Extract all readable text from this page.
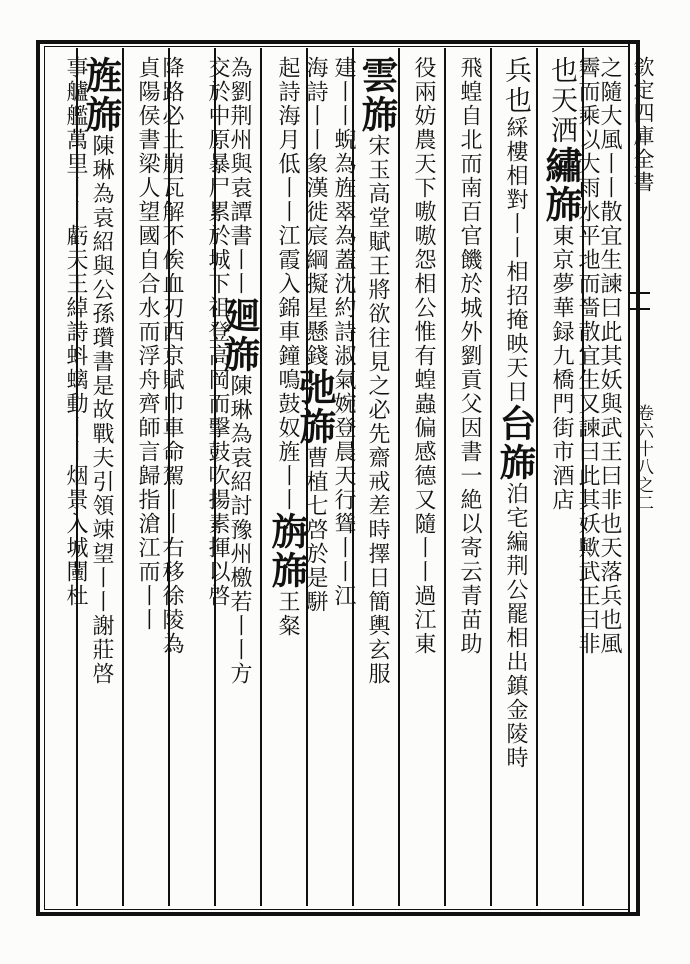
欽定四庫全書
卷六十八之二
之隨大風丨丨散宜生諫曰此其妖與武王曰非也天落兵也風
霽而乘以大雨水平地而嗇散宜生又諫曰此其妖歟武王曰非
也天洒繡旆東京夢華録九橋門街市酒店
兵也綵樓相對丨丨相招掩映天日台旆泊宅編荆公罷相出鎮金陵時
飛蝗自北而南百官饑於城外劉貢父因書一絶以寄云青苗助
役兩妨農天下嗷嗷怨相公惟有蝗蟲偏感德又隨丨丨過江東
雲旆宋玉高堂賦王將欲往見之必先齋戒差時擇日簡輿玄服
建丨丨蜺為旌翠為蓋沈約詩淑氣婉登晨天行聳丨丨江
海詩丨丨象漢徙宸綱擬星懸錢弛旆曹植七啓於是駢
起詩海月低丨丨江霞入錦車鐘鳴鼓奴旌丨丨旃旆王粲
為劉荆州與袁譚書丨丨廻旆陳琳為袁紹討豫州檄若丨丨方
交於中原暴尸累於城下祖登高岡而擊鼓吹揚素揮以啓
降路必土崩瓦解不俟血刃西京賦巾車命駕丨丨右移徐陵為
貞陽侯書梁人望國自合水而浮舟齊師言歸指滄江而丨丨
旌旆陳琳為袁紹與公孫瓚書是故戰夫引領竦望丨丨謝莊啓
事艫艦萬里丨丨虧天王綽詩蚪螭動丨丨烟景入城闉杜
